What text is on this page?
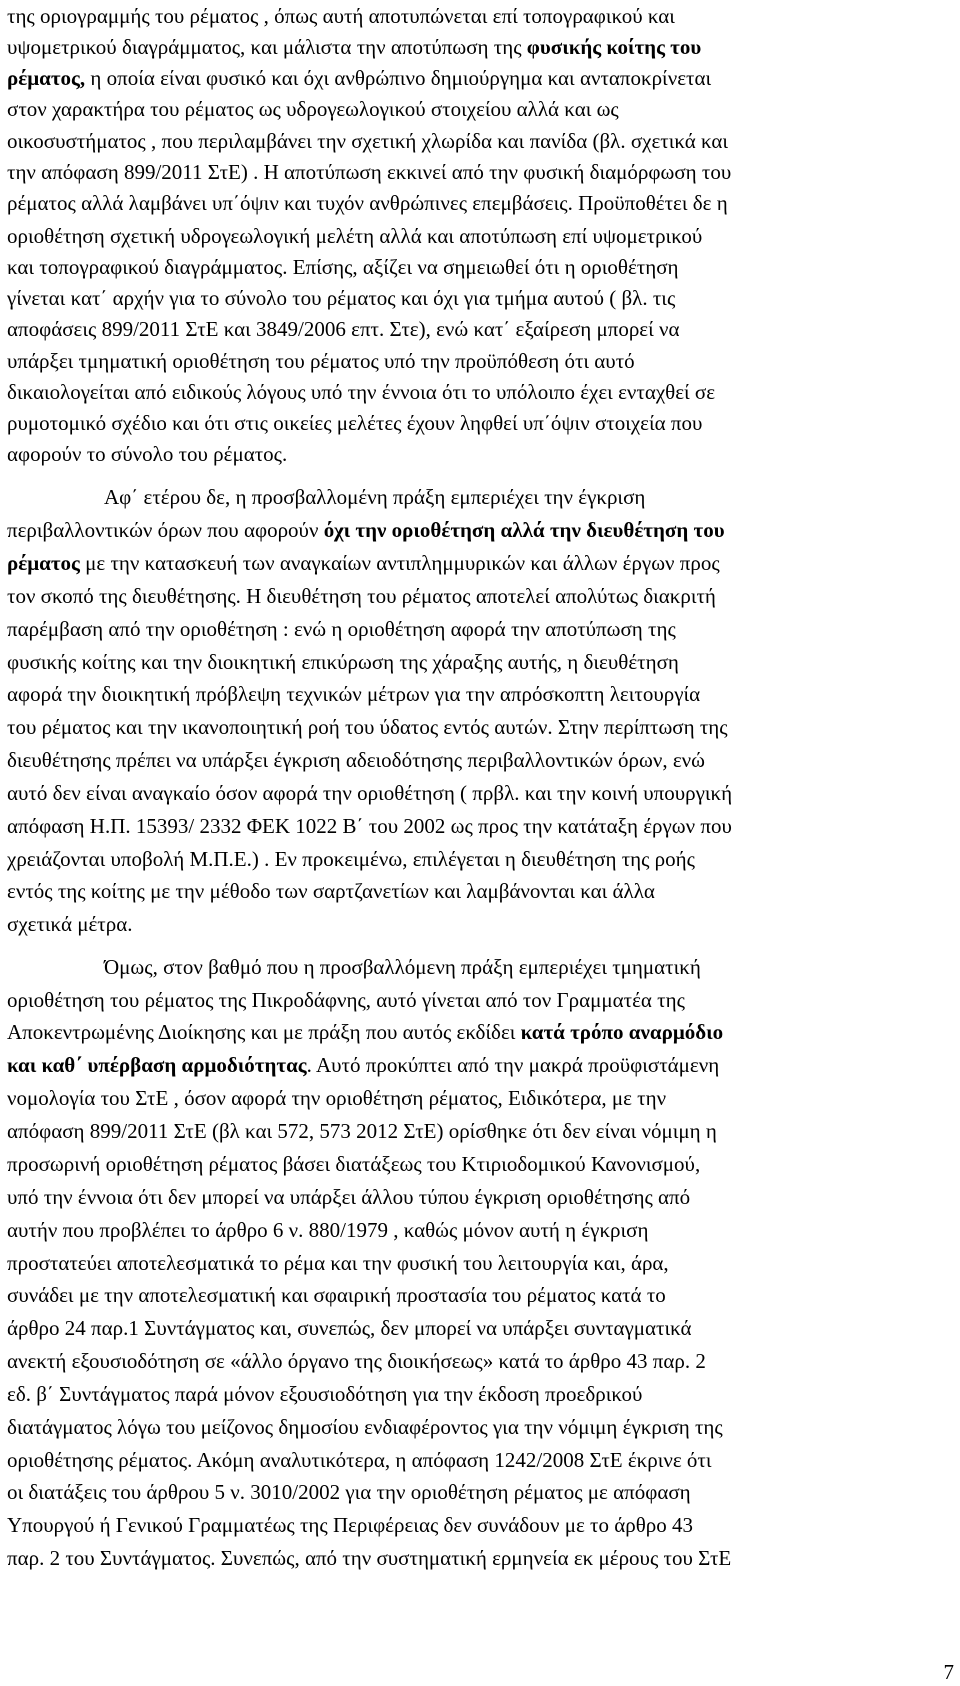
της οριογραμμής του ρέματος , όπως αυτή αποτυπώνεται επί τοπογραφικού και
υψομετρικού διαγράμματος, και μάλιστα την αποτύπωση της φυσικής κοίτης του
ρέματος, η οποία είναι φυσικό και όχι ανθρώπινο δημιούργημα και ανταποκρίνεται
στον χαρακτήρα του ρέματος ως υδρογεωλογικού στοιχείου αλλά και ως
οικοσυστήματος , που περιλαμβάνει την σχετική χλωρίδα και πανίδα (βλ. σχετικά και
την απόφαση 899/2011 ΣτΕ) . Η αποτύπωση εκκινεί από την φυσική διαμόρφωση του
ρέματος αλλά λαμβάνει υπ΄όψιν και τυχόν ανθρώπινες επεμβάσεις. Προϋποθέτει δε η
οριοθέτηση σχετική υδρογεωλογική μελέτη αλλά και αποτύπωση επί υψομετρικού
και τοπογραφικού διαγράμματος. Επίσης, αξίζει να σημειωθεί ότι η οριοθέτηση
γίνεται κατ΄ αρχήν για το σύνολο του ρέματος και όχι για τμήμα αυτού ( βλ. τις
αποφάσεις 899/2011 ΣτΕ και 3849/2006 επτ. Στε), ενώ κατ΄ εξαίρεση μπορεί να
υπάρξει τμηματική οριοθέτηση του ρέματος υπό την προϋπόθεση ότι αυτό
δικαιολογείται από ειδικούς λόγους υπό την έννοια ότι το υπόλοιπο έχει ενταχθεί σε
ρυμοτομικό σχέδιο και ότι στις οικείες μελέτες έχουν ληφθεί υπ΄όψιν στοιχεία που
αφορούν το σύνολο του ρέματος.
Αφ΄ ετέρου δε, η προσβαλλομένη πράξη εμπεριέχει την έγκριση
περιβαλλοντικών όρων που αφορούν όχι την οριοθέτηση αλλά την διευθέτηση του
ρέματος με την κατασκευή των αναγκαίων αντιπλημμυρικών και άλλων έργων προς
τον σκοπό της διευθέτησης. Η διευθέτηση του ρέματος αποτελεί απολύτως διακριτή
παρέμβαση από την οριοθέτηση : ενώ η οριοθέτηση αφορά την αποτύπωση της
φυσικής κοίτης και την διοικητική επικύρωση της χάραξης αυτής, η διευθέτηση
αφορά την διοικητική πρόβλεψη τεχνικών μέτρων για την απρόσκοπτη λειτουργία
του ρέματος και την ικανοποιητική ροή του ύδατος εντός αυτών. Στην περίπτωση της
διευθέτησης πρέπει να υπάρξει έγκριση αδειοδότησης περιβαλλοντικών όρων, ενώ
αυτό δεν είναι αναγκαίο όσον αφορά την οριοθέτηση ( πρβλ. και την κοινή υπουργική
απόφαση Η.Π. 15393/ 2332 ΦΕΚ 1022 Β΄ του 2002 ως προς την κατάταξη έργων που
χρειάζονται υποβολή Μ.Π.Ε.) . Εν προκειμένω, επιλέγεται η διευθέτηση της ροής
εντός της κοίτης με την μέθοδο των σαρτζανετίων και λαμβάνονται και άλλα
σχετικά μέτρα.
Όμως, στον βαθμό που η προσβαλλόμενη πράξη εμπεριέχει τμηματική
οριοθέτηση του ρέματος της Πικροδάφνης, αυτό γίνεται από τον Γραμματέα της
Αποκεντρωμένης Διοίκησης και με πράξη που αυτός εκδίδει κατά τρόπο αναρμόδιο
και καθ΄ υπέρβαση αρμοδιότητας. Αυτό προκύπτει από την μακρά προϋφιστάμενη
νομολογία του ΣτΕ , όσον αφορά την οριοθέτηση ρέματος, Ειδικότερα, με την
απόφαση 899/2011 ΣτΕ (βλ και 572, 573 2012 ΣτΕ) ορίσθηκε ότι δεν είναι νόμιμη η
προσωρινή οριοθέτηση ρέματος βάσει διατάξεως του Κτιριοδομικού Κανονισμού,
υπό την έννοια ότι δεν μπορεί να υπάρξει άλλου τύπου έγκριση οριοθέτησης από
αυτήν που προβλέπει το άρθρο 6 ν. 880/1979 , καθώς μόνον αυτή η έγκριση
προστατεύει αποτελεσματικά το ρέμα και την φυσική του λειτουργία και, άρα,
συνάδει με την αποτελεσματική και σφαιρική προστασία του ρέματος κατά το
άρθρο 24 παρ.1 Συντάγματος και, συνεπώς, δεν μπορεί να υπάρξει συνταγματικά
ανεκτή εξουσιοδότηση σε «άλλο όργανο της διοικήσεως» κατά το άρθρο 43 παρ. 2
εδ. β΄ Συντάγματος παρά μόνον εξουσιοδότηση για την έκδοση προεδρικού
διατάγματος λόγω του μείζονος δημοσίου ενδιαφέροντος για την νόμιμη έγκριση της
οριοθέτησης ρέματος. Ακόμη αναλυτικότερα, η απόφαση 1242/2008 ΣτΕ έκρινε ότι
οι διατάξεις του άρθρου 5 ν. 3010/2002 για την οριοθέτηση ρέματος με απόφαση
Υπουργού ή Γενικού Γραμματέως της Περιφέρειας δεν συνάδουν με το άρθρο 43
παρ. 2 του Συντάγματος. Συνεπώς, από την συστηματική ερμηνεία εκ μέρους του ΣτΕ
7
